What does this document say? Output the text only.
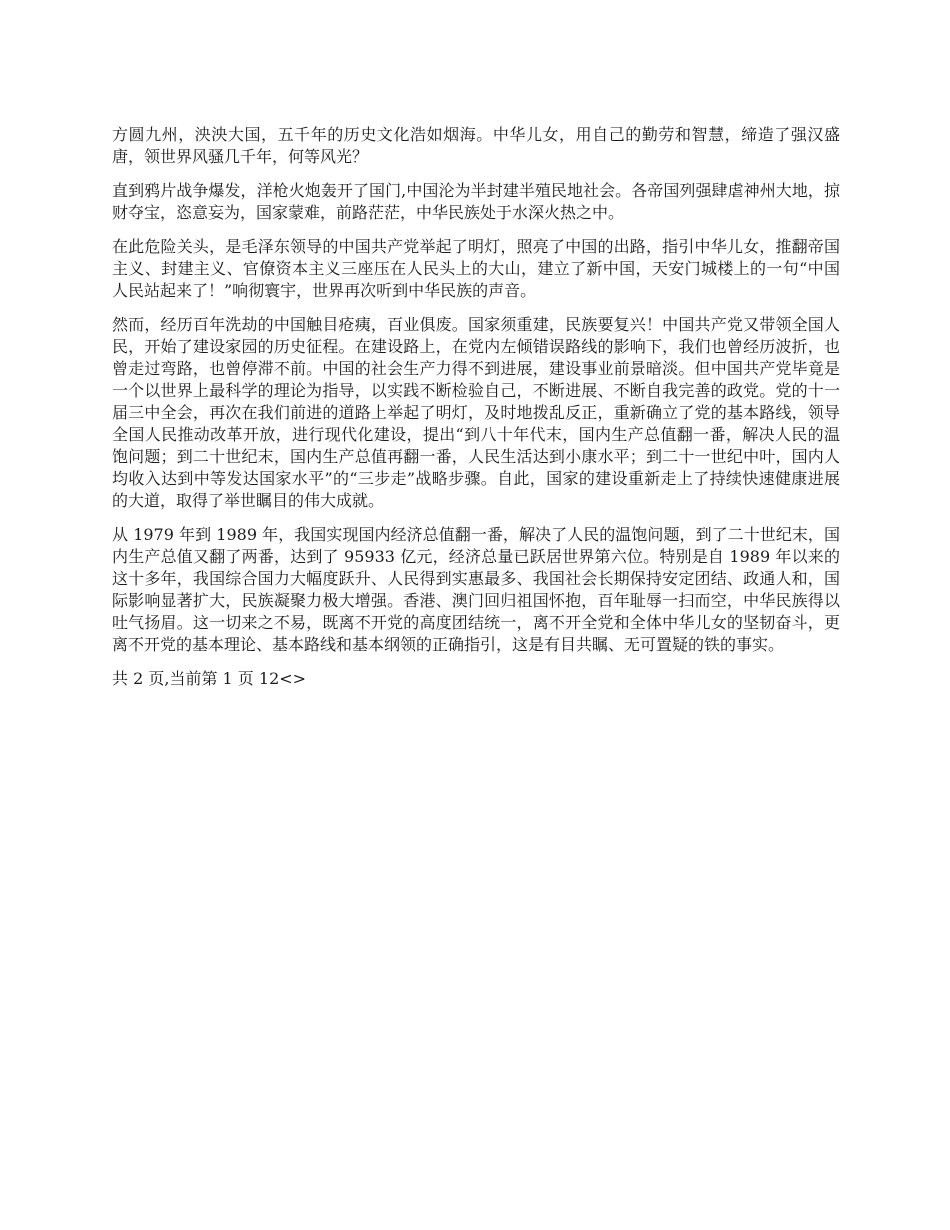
方圆九州，泱泱大国，五千年的历史文化浩如烟海。中华儿女，用自己的勤劳和智慧，缔造了强汉盛唐，领世界风骚几千年，何等风光？

直到鸦片战争爆发，洋枪火炮轰开了国门,中国沦为半封建半殖民地社会。各帝国列强肆虐神州大地，掠财夺宝，恣意妄为，国家蒙难，前路茫茫，中华民族处于水深火热之中。

在此危险关头，是毛泽东领导的中国共产党举起了明灯，照亮了中国的出路，指引中华儿女，推翻帝国主义、封建主义、官僚资本主义三座压在人民头上的大山，建立了新中国，天安门城楼上的一句“中国人民站起来了！”响彻寰宇，世界再次听到中华民族的声音。

然而，经历百年洗劫的中国触目疮痍，百业俱废。国家须重建，民族要复兴！中国共产党又带领全国人民，开始了建设家园的历史征程。在建设路上，在党内左倾错误路线的影响下，我们也曾经历波折，也曾走过弯路，也曾停滞不前。中国的社会生产力得不到进展，建设事业前景暗淡。但中国共产党毕竟是一个以世界上最科学的理论为指导，以实践不断检验自己，不断进展、不断自我完善的政党。党的十一届三中全会，再次在我们前进的道路上举起了明灯，及时地拨乱反正，重新确立了党的基本路线，领导全国人民推动改革开放，进行现代化建设，提出“到八十年代末，国内生产总值翻一番，解决人民的温饱问题；到二十世纪末，国内生产总值再翻一番，人民生活达到小康水平；到二十一世纪中叶，国内人均收入达到中等发达国家水平”的“三步走”战略步骤。自此，国家的建设重新走上了持续快速健康进展的大道，取得了举世瞩目的伟大成就。

从 1979 年到 1989 年，我国实现国内经济总值翻一番，解决了人民的温饱问题，到了二十世纪末，国内生产总值又翻了两番，达到了 95933 亿元，经济总量已跃居世界第六位。特别是自 1989 年以来的这十多年，我国综合国力大幅度跃升、人民得到实惠最多、我国社会长期保持安定团结、政通人和，国际影响显著扩大，民族凝聚力极大增强。香港、澳门回归祖国怀抱，百年耻辱一扫而空，中华民族得以吐气扬眉。这一切来之不易，既离不开党的高度团结统一，离不开全党和全体中华儿女的坚韧奋斗，更离不开党的基本理论、基本路线和基本纲领的正确指引，这是有目共瞩、无可置疑的铁的事实。

共 2 页,当前第 1 页 12<>
